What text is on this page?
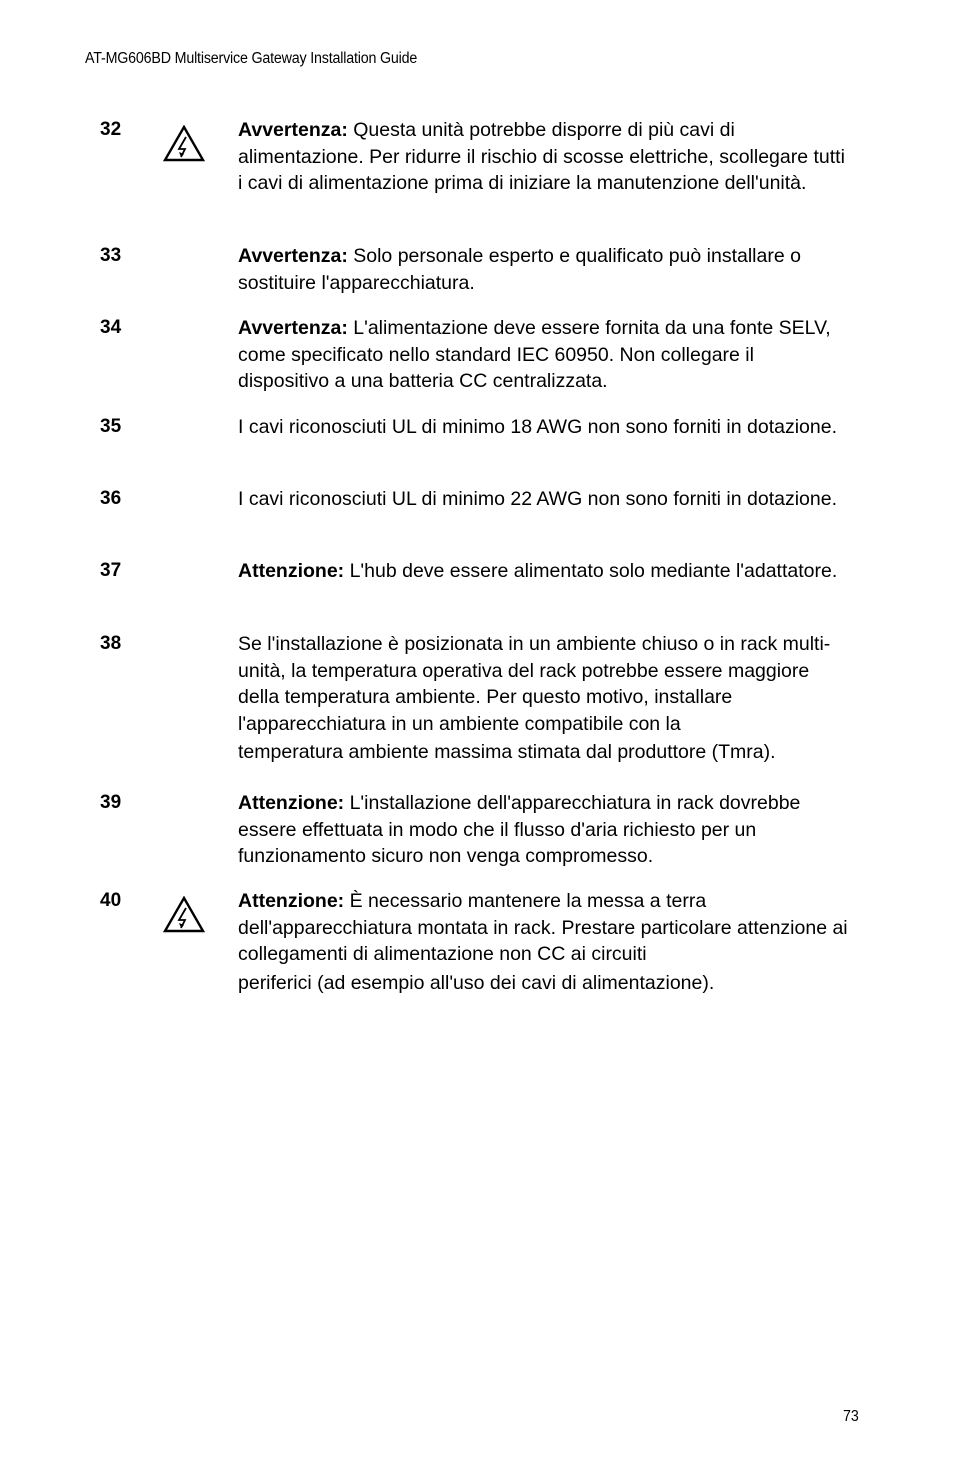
AT-MG606BD Multiservice Gateway Installation Guide
32	Avvertenza: Questa unità potrebbe disporre di più cavi di alimentazione. Per ridurre il rischio di scosse elettriche, scollegare tutti i cavi di alimentazione prima di iniziare la manutenzione dell'unità.
33	Avvertenza: Solo personale esperto e qualificato può installare o sostituire l'apparecchiatura.
34	Avvertenza: L'alimentazione deve essere fornita da una fonte SELV, come specificato nello standard IEC 60950. Non collegare il dispositivo a una batteria CC centralizzata.
35	I cavi riconosciuti UL di minimo 18 AWG non sono forniti in dotazione.
36	I cavi riconosciuti UL di minimo 22 AWG non sono forniti in dotazione.
37	Attenzione: L'hub deve essere alimentato solo mediante l'adattatore.
38	Se l'installazione è posizionata in un ambiente chiuso o in rack multi-unità, la temperatura operativa del rack potrebbe essere maggiore della temperatura ambiente. Per questo motivo, installare l'apparecchiatura in un ambiente compatibile con la
temperatura ambiente massima stimata dal produttore (Tmra).
39	Attenzione: L'installazione dell'apparecchiatura in rack dovrebbe essere effettuata in modo che il flusso d'aria richiesto per un funzionamento sicuro non venga compromesso.
40	Attenzione: È necessario mantenere la messa a terra dell'apparecchiatura montata in rack. Prestare particolare attenzione ai collegamenti di alimentazione non CC ai circuiti
periferici (ad esempio all'uso dei cavi di alimentazione).
73
